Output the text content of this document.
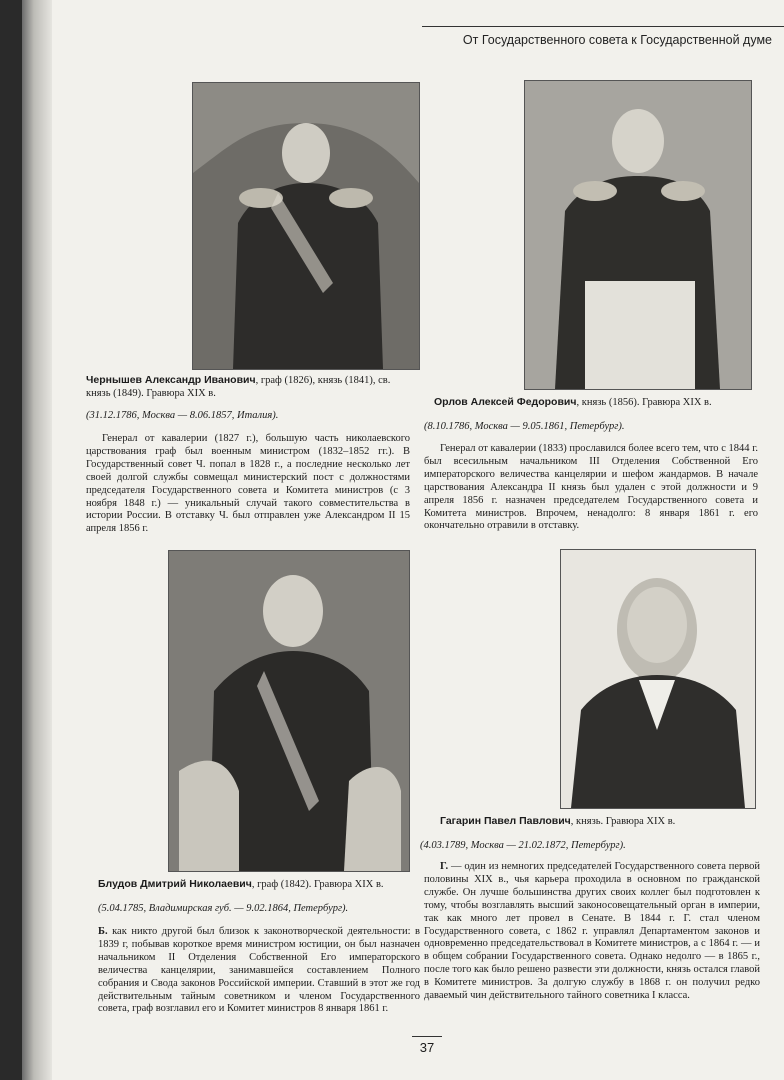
От Государственного совета к Государственной думе
Чернышев Александр Иванович, граф (1826), князь (1841), св. князь (1849). Гравюра XIX в.
(31.12.1786, Москва — 8.06.1857, Италия).
Генерал от кавалерии (1827 г.), большую часть николаевского царствования граф был военным министром (1832–1852 гг.). В Государственный совет Ч. попал в 1828 г., а последние несколько лет своей долгой службы совмещал министерский пост с должностями председателя Государственного совета и Комитета министров (с 3 ноября 1848 г.) — уникальный случай такого совместительства в истории России. В отставку Ч. был отправлен уже Александром II 15 апреля 1856 г.
Орлов Алексей Федорович, князь (1856). Гравюра XIX в.
(8.10.1786, Москва — 9.05.1861, Петербург).
Генерал от кавалерии (1833) прославился более всего тем, что с 1844 г. был всесильным начальником III Отделения Собственной Его императорского величества канцелярии и шефом жандармов. В начале царствования Александра II князь был удален с этой должности и 9 апреля 1856 г. назначен председателем Государственного совета и Комитета министров. Впрочем, ненадолго: 8 января 1861 г. его окончательно отравили в отставку.
Блудов Дмитрий Николаевич, граф (1842). Гравюра XIX в.
(5.04.1785, Владимирская губ. — 9.02.1864, Петербург).
Б. как никто другой был близок к законотворческой деятельности: в 1839 г, побывав короткое время министром юстиции, он был назначен начальником II Отделения Собственной Его императорского величества канцелярии, занимавшейся составлением Полного собрания и Свода законов Российской империи. Ставший в этот же год действительным тайным советником и членом Государственного совета, граф возглавил его и Комитет министров 8 января 1861 г.
Гагарин Павел Павлович, князь. Гравюра XIX в.
(4.03.1789, Москва — 21.02.1872, Петербург).
Г. — один из немногих председателей Государственного совета первой половины XIX в., чья карьера проходила в основном по гражданской службе. Он лучше большинства других своих коллег был подготовлен к тому, чтобы возглавлять высший законосовещательный орган в империи, так как много лет провел в Сенате. В 1844 г. Г. стал членом Государственного совета, с 1862 г. управлял Департаментом законов и одновременно председательствовал в Комитете министров, а с 1864 г. — и в общем собрании Государственного совета. Однако недолго — в 1865 г., после того как было решено развести эти должности, князь остался главой в Комитете министров. За долгую службу в 1868 г. он получил редко даваемый чин действительного тайного советника I класса.
37
